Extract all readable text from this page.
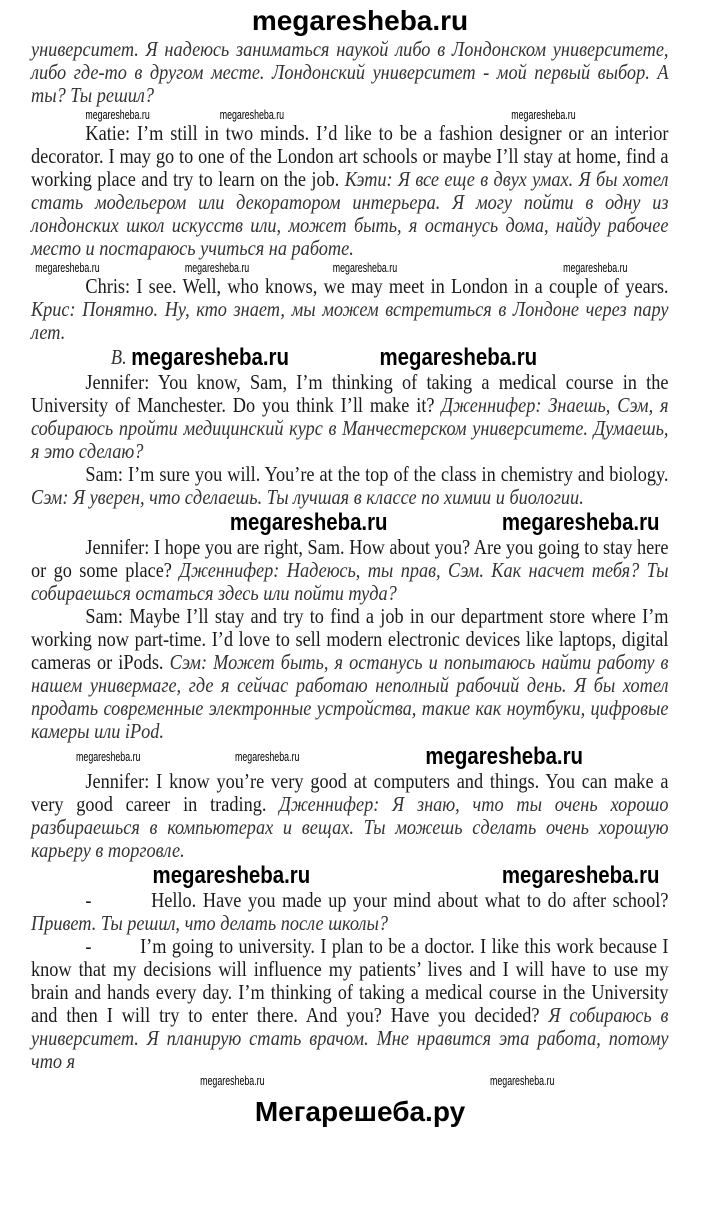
megaresheba.ru

университет. Я надеюсь заниматься наукой либо в Лондонском университете, либо где-то в другом месте. Лондонский университет - мой первый выбор. А ты? Ты решил?

megaresheba.ru	megaresheba.ru	megaresheba.ru

Katie: I’m still in two minds. I’d like to be a fashion designer or an interior decorator. I may go to one of the London art schools or maybe I’ll stay at home, find a working place and try to learn on the job. Кэти: Я все еще в двух умах. Я бы хотел стать модельером или декоратором интерьера. Я могу пойти в одну из лондонских школ искусств или, может быть, я останусь дома, найду рабочее место и постараюсь учиться на работе.

megaresheba.ru	megaresheba.ru	megaresheba.ru	megaresheba.ru

Chris: I see. Well, who knows, we may meet in London in a couple of years. Крис: Понятно. Ну, кто знает, мы можем встретиться в Лондоне через пару лет.

В. megaresheba.ru	megaresheba.ru

Jennifer: You know, Sam, I’m thinking of taking a medical course in the University of Manchester. Do you think I’ll make it? Дженнифер: Знаешь, Сэм, я собираюсь пройти медицинский курс в Манчестерском университете. Думаешь, я это сделаю?

Sam: I’m sure you will. You’re at the top of the class in chemistry and biology. Сэм: Я уверен, что сделаешь. Ты лучшая в классе по химии и биологии.

megaresheba.ru	megaresheba.ru

Jennifer: I hope you are right, Sam. How about you? Are you going to stay here or go some place? Дженнифер: Надеюсь, ты прав, Сэм. Как насчет тебя? Ты собираешься остаться здесь или пойти туда?

Sam: Maybe I’ll stay and try to find a job in our department store where I’m working now part-time. I’d love to sell modern electronic devices like laptops, digital cameras or iPods. Сэм: Может быть, я останусь и попытаюсь найти работу в нашем универмаге, где я сейчас работаю неполный рабочий день. Я бы хотел продать современные электронные устройства, такие как ноутбуки, цифровые камеры или iPod.

megaresheba.ru	megaresheba.ru	megaresheba.ru

Jennifer: I know you’re very good at computers and things. You can make a very good career in trading. Дженнифер: Я знаю, что ты очень хорошо разбираешься в компьютерах и вещах. Ты можешь сделать очень хорошую карьеру в торговле.

megaresheba.ru	megaresheba.ru

-         Hello. Have you made up your mind about what to do after school? Привет. Ты решил, что делать после школы?

-         I’m going to university. I plan to be a doctor. I like this work because I know that my decisions will influence my patients’ lives and I will have to use my brain and hands every day. I’m thinking of taking a medical course in the University and then I will try to enter there. And you? Have you decided? Я собираюсь в университет. Я планирую стать врачом. Мне нравится эта работа, потому что я

megaresheba.ru	megaresheba.ru
Мегарешеба.ру
